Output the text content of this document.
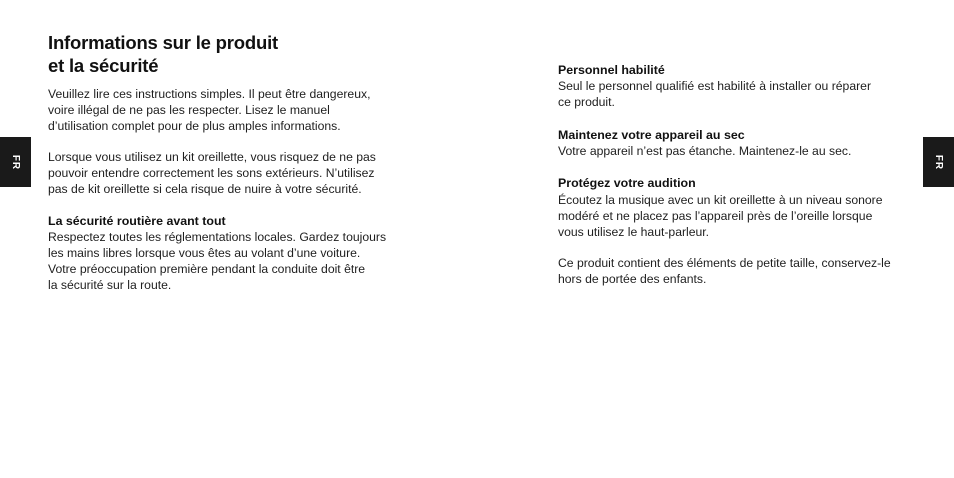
FR	FR
Informations sur le produit
et la sécurité

Veuillez lire ces instructions simples. Il peut être dangereux,
voire illégal de ne pas les respecter. Lisez le manuel
d’utilisation complet pour de plus amples informations.

Lorsque vous utilisez un kit oreillette, vous risquez de ne pas
pouvoir entendre correctement les sons extérieurs. N’utilisez
pas de kit oreillette si cela risque de nuire à votre sécurité.

La sécurité routière avant tout

Respectez toutes les réglementations locales. Gardez toujours
les mains libres lorsque vous êtes au volant d’une voiture.
Votre préoccupation première pendant la conduite doit être
la sécurité sur la route.

Personnel habilité

Seul le personnel qualifié est habilité à installer ou réparer
ce produit.

Maintenez votre appareil au sec

Votre appareil n’est pas étanche. Maintenez-le au sec.

Protégez votre audition

Écoutez la musique avec un kit oreillette à un niveau sonore
modéré et ne placez pas l’appareil près de l’oreille lorsque
vous utilisez le haut-parleur.

Ce produit contient des éléments de petite taille, conservez-le
hors de portée des enfants.
